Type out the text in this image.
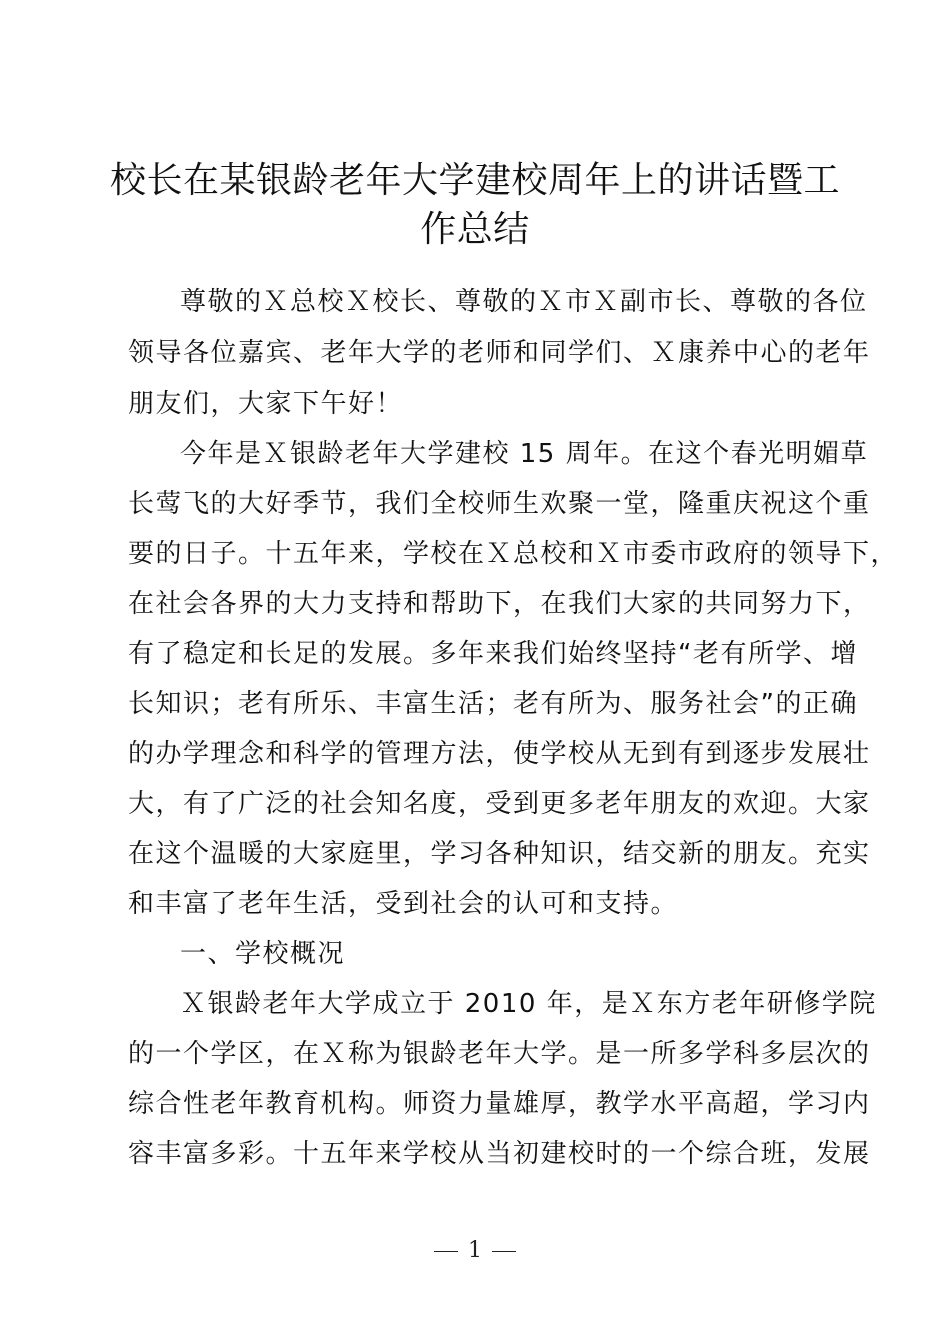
校长在某银龄老年大学建校周年上的讲话暨工
作总结

尊敬的Ｘ总校Ｘ校长、尊敬的Ｘ市Ｘ副市长、尊敬的各位

领导各位嘉宾、老年大学的老师和同学们、Ｘ康养中心的老年

朋友们，大家下午好！

今年是Ｘ银龄老年大学建校 15 周年。在这个春光明媚草

长莺飞的大好季节，我们全校师生欢聚一堂，隆重庆祝这个重

要的日子。十五年来，学校在Ｘ总校和Ｘ市委市政府的领导下，

在社会各界的大力支持和帮助下，在我们大家的共同努力下，

有了稳定和长足的发展。多年来我们始终坚持“老有所学、增

长知识；老有所乐、丰富生活；老有所为、服务社会”的正确

的办学理念和科学的管理方法，使学校从无到有到逐步发展壮

大，有了广泛的社会知名度，受到更多老年朋友的欢迎。大家

在这个温暖的大家庭里，学习各种知识，结交新的朋友。充实

和丰富了老年生活，受到社会的认可和支持。

一、学校概况

Ｘ银龄老年大学成立于 2010 年，是Ｘ东方老年研修学院

的一个学区，在Ｘ称为银龄老年大学。是一所多学科多层次的

综合性老年教育机构。师资力量雄厚，教学水平高超，学习内

容丰富多彩。十五年来学校从当初建校时的一个综合班，发展

1
